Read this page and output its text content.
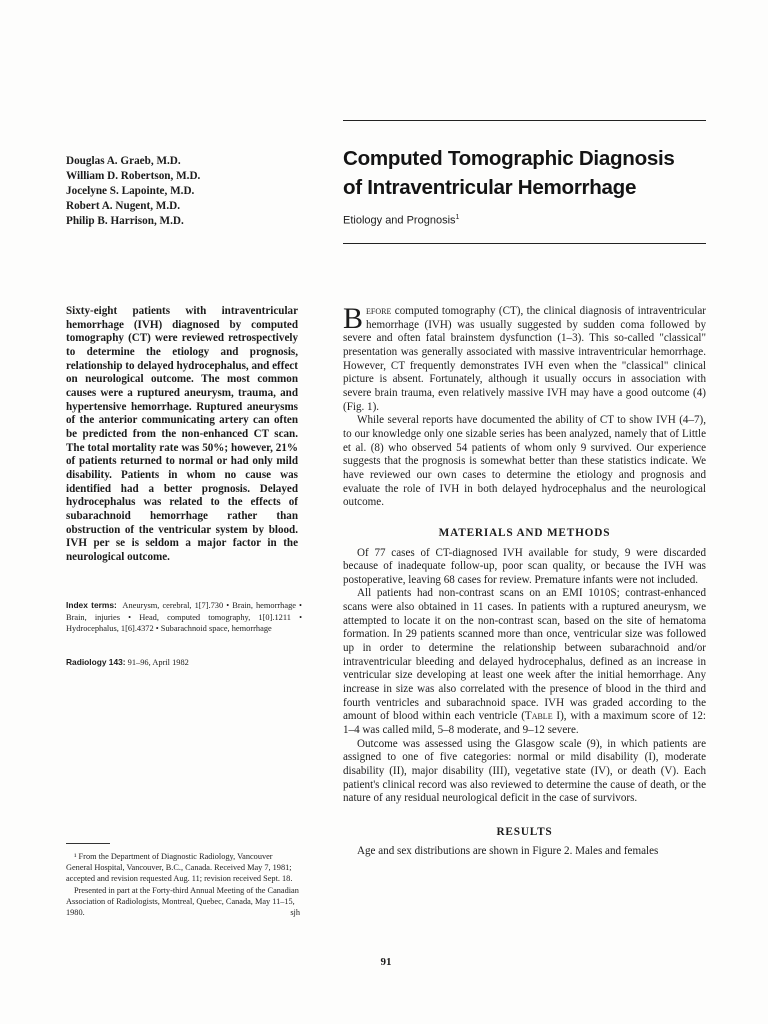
Douglas A. Graeb, M.D.
William D. Robertson, M.D.
Jocelyne S. Lapointe, M.D.
Robert A. Nugent, M.D.
Philip B. Harrison, M.D.
Computed Tomographic Diagnosis
of Intraventricular Hemorrhage
Etiology and Prognosis$^1$
Sixty-eight patients with intraventricular hemorrhage (IVH) diagnosed by computed tomography (CT) were reviewed retrospectively to determine the etiology and prognosis, relationship to delayed hydrocephalus, and effect on neurological outcome. The most common causes were a ruptured aneurysm, trauma, and hypertensive hemorrhage. Ruptured aneurysms of the anterior communicating artery can often be predicted from the non-enhanced CT scan. The total mortality rate was 50%; however, 21% of patients returned to normal or had only mild disability. Patients in whom no cause was identified had a better prognosis. Delayed hydrocephalus was related to the effects of subarachnoid hemorrhage rather than obstruction of the ventricular system by blood. IVH per se is seldom a major factor in the neurological outcome.
Index terms: Aneurysm, cerebral, 1[7].730 • Brain, hemorrhage • Brain, injuries • Head, computed tomography, 1[0].1211 • Hydrocephalus, 1[6].4372 • Subarachnoid space, hemorrhage
Radiology 143: 91–96, April 1982

¹ From the Department of Diagnostic Radiology, Vancouver General Hospital, Vancouver, B.C., Canada. Received May 7, 1981; accepted and revision requested Aug. 11; revision received Sept. 18.

Presented in part at the Forty-third Annual Meeting of the Canadian Association of Radiologists, Montreal, Quebec, Canada, May 11–15, 1980.	sjh

Before computed tomography (CT), the clinical diagnosis of intraventricular hemorrhage (IVH) was usually suggested by sudden coma followed by severe and often fatal brainstem dysfunction (1–3). This so-called "classical" presentation was generally associated with massive intraventricular hemorrhage. However, CT frequently demonstrates IVH even when the "classical" clinical picture is absent. Fortunately, although it usually occurs in association with severe brain trauma, even relatively massive IVH may have a good outcome (4) (Fig. 1).

While several reports have documented the ability of CT to show IVH (4–7), to our knowledge only one sizable series has been analyzed, namely that of Little et al. (8) who observed 54 patients of whom only 9 survived. Our experience suggests that the prognosis is somewhat better than these statistics indicate. We have reviewed our own cases to determine the etiology and prognosis and evaluate the role of IVH in both delayed hydrocephalus and the neurological outcome.

MATERIALS AND METHODS

Of 77 cases of CT-diagnosed IVH available for study, 9 were discarded because of inadequate follow-up, poor scan quality, or because the IVH was postoperative, leaving 68 cases for review. Premature infants were not included.

All patients had non-contrast scans on an EMI 1010S; contrast-enhanced scans were also obtained in 11 cases. In patients with a ruptured aneurysm, we attempted to locate it on the non-contrast scan, based on the site of hematoma formation. In 29 patients scanned more than once, ventricular size was followed up in order to determine the relationship between subarachnoid and/or intraventricular bleeding and delayed hydrocephalus, defined as an increase in ventricular size developing at least one week after the initial hemorrhage. Any increase in size was also correlated with the presence of blood in the third and fourth ventricles and subarachnoid space. IVH was graded according to the amount of blood within each ventricle (Table I), with a maximum score of 12: 1–4 was called mild, 5–8 moderate, and 9–12 severe.

Outcome was assessed using the Glasgow scale (9), in which patients are assigned to one of five categories: normal or mild disability (I), moderate disability (II), major disability (III), vegetative state (IV), or death (V). Each patient's clinical record was also reviewed to determine the cause of death, or the nature of any residual neurological deficit in the case of survivors.

RESULTS

Age and sex distributions are shown in Figure 2. Males and females

91
